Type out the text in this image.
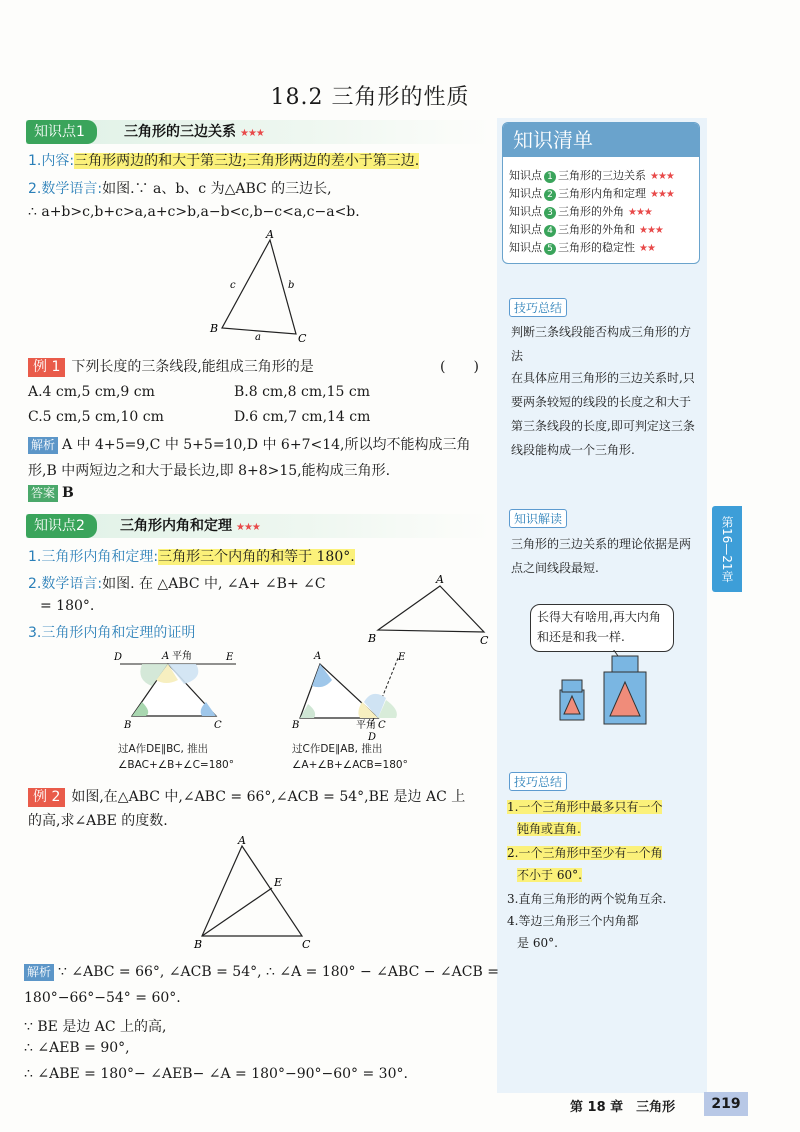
18.2 三角形的性质
知识点1	三角形的三边关系 ★★★
1.内容:三角形两边的和大于第三边;三角形两边的差小于第三边.
2.数学语言:如图.∵ a、b、c 为△ABC 的三边长,
∴ a+b>c,b+c>a,a+c>b,a−b<c,b−c<a,c−a<b.
A
B
C
a
b
c
例 1 下列长度的三条线段,能组成三角形的是	(　　)
A.4 cm,5 cm,9 cm	B.8 cm,8 cm,15 cm
C.5 cm,5 cm,10 cm	D.6 cm,7 cm,14 cm
解析 A 中 4+5=9,C 中 5+5=10,D 中 6+7<14,所以均不能构成三角
形,B 中两短边之和大于最长边,即 8+8>15,能构成三角形.
答案 B
知识点2	三角形内角和定理 ★★★
1.三角形内角和定理:三角形三个内角的和等于 180°.
2.数学语言:如图. 在 △ABC 中, ∠A+ ∠B+ ∠C
= 180°.
3.三角形内角和定理的证明
A
B	C
D	A 平角	E
B	C
过A作DE∥BC, 推出
∠BAC+∠B+∠C=180°
A	E
B	平角 C
D
过C作DE∥AB, 推出
∠A+∠B+∠ACB=180°
例 2 如图,在△ABC 中,∠ABC = 66°,∠ACB = 54°,BE 是边 AC 上
的高,求∠ABE 的度数.
A
B	C
E
解析 ∵ ∠ABC = 66°, ∠ACB = 54°, ∴ ∠A = 180° − ∠ABC − ∠ACB =
180°−66°−54° = 60°.
∵ BE 是边 AC 上的高,
∴ ∠AEB = 90°,
∴ ∠ABE = 180°− ∠AEB− ∠A = 180°−90°−60° = 30°.
知识清单
知识点 1 三角形的三边关系 ★★★
知识点 2 三角形内角和定理 ★★★
知识点 3 三角形的外角 ★★★
知识点 4 三角形的外角和 ★★★
知识点 5 三角形的稳定性 ★★
技巧总结
判断三条线段能否构成三角形的方法
在具体应用三角形的三边关系时,只要两条较短的线段的长度之和大于第三条线段的长度,即可判定这三条线段能构成一个三角形.
知识解读
三角形的三边关系的理论依据是两点之间线段最短.
长得大有啥用,再大内角和还是和我一样.
技巧总结
1.一个三角形中最多只有一个
钝角或直角.
2.一个三角形中至少有一个角
不小于 60°.
3.直角三角形的两个锐角互余.
4.等边三角形三个内角都
是 60°.
第16—21章
第 18 章　三角形	219
